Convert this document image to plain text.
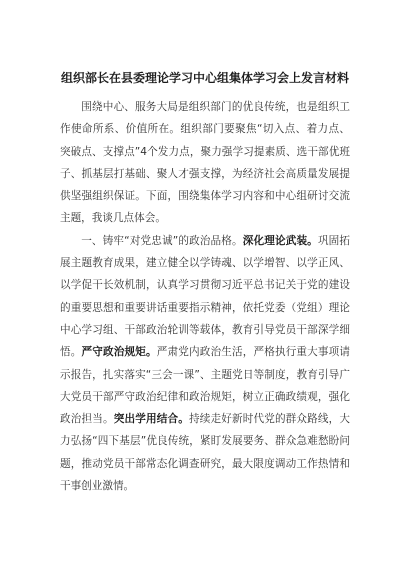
组织部长在县委理论学习中心组集体学习会上发言材料

围绕中心、服务大局是组织部门的优良传统，也是组织工作使命所系、价值所在。组织部门要聚焦“切入点、着力点、突破点、支撑点”4个发力点，聚力强学习提素质、选干部优班子、抓基层打基础、聚人才强支撑，为经济社会高质量发展提供坚强组织保证。下面，围绕集体学习内容和中心组研讨交流主题，我谈几点体会。

一、铸牢“对党忠诚”的政治品格。深化理论武装。巩固拓展主题教育成果，建立健全以学铸魂、以学增智、以学正风、以学促干长效机制，认真学习贯彻习近平总书记关于党的建设的重要思想和重要讲话重要指示精神，依托党委（党组）理论中心学习组、干部政治轮训等载体，教育引导党员干部深学细悟。严守政治规矩。严肃党内政治生活，严格执行重大事项请示报告，扎实落实“三会一课”、主题党日等制度，教育引导广大党员干部严守政治纪律和政治规矩，树立正确政绩观，强化政治担当。突出学用结合。持续走好新时代党的群众路线，大力弘扬“四下基层”优良传统，紧盯发展要务、群众急难愁盼问题，推动党员干部常态化调查研究，最大限度调动工作热情和干事创业激情。
